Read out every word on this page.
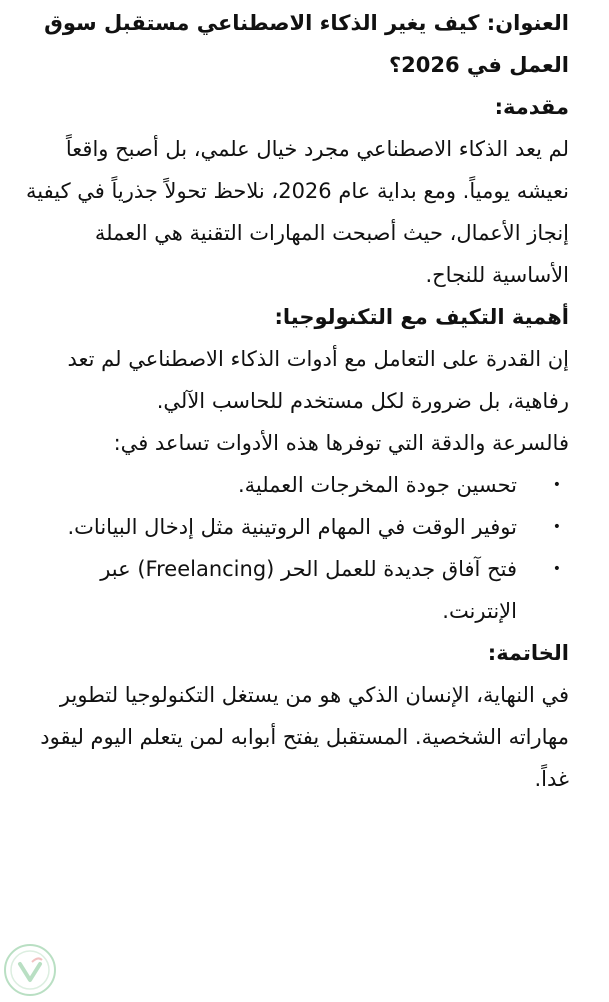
العنوان: كيف يغير الذكاء الاصطناعي مستقبل سوق العمل في 2026؟

مقدمة:

لم يعد الذكاء الاصطناعي مجرد خيال علمي، بل أصبح واقعاً نعيشه يومياً. ومع بداية عام 2026، نلاحظ تحولاً جذرياً في كيفية إنجاز الأعمال، حيث أصبحت المهارات التقنية هي العملة الأساسية للنجاح.

أهمية التكيف مع التكنولوجيا:

إن القدرة على التعامل مع أدوات الذكاء الاصطناعي لم تعد رفاهية، بل ضرورة لكل مستخدم للحاسب الآلي.

فالسرعة والدقة التي توفرها هذه الأدوات تساعد في:

•
تحسين جودة المخرجات العملية.
•
توفير الوقت في المهام الروتينية مثل إدخال البيانات.
•
فتح آفاق جديدة للعمل الحر (Freelancing) عبر الإنترنت.

الخاتمة:

في النهاية، الإنسان الذكي هو من يستغل التكنولوجيا لتطوير مهاراته الشخصية. المستقبل يفتح أبوابه لمن يتعلم اليوم ليقود غداً.
